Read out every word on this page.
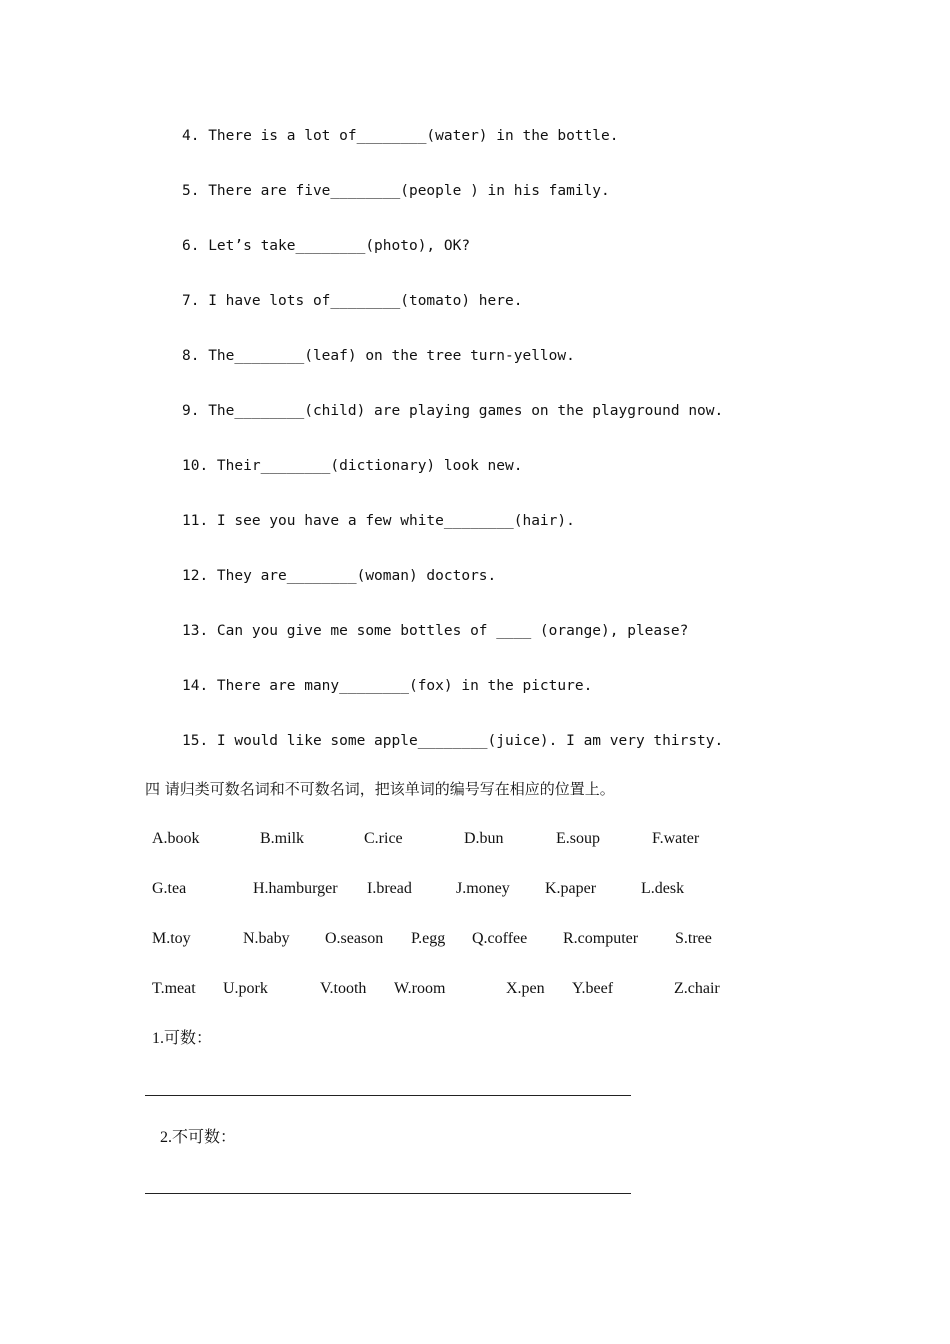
4. There is a lot of________(water) in the bottle.
5. There are five________(people ) in his family.
6. Let’s take________(photo), OK?
7. I have lots of________(tomato) here.
8. The________(leaf) on the tree turn-yellow.
9. The________(child) are playing games on the playground now.
10. Their________(dictionary) look new.
11. I see you have a few white________(hair).
12. They are________(woman) doctors.
13. Can you give me some bottles of ____ (orange), please?
14. There are many________(fox) in the picture.
15. I would like some apple________(juice). I am very thirsty.
四 请归类可数名词和不可数名词，把该单词的编号写在相应的位置上。
A.book	B.milk	C.rice	D.bun	E.soup	F.water
G.tea	H.hamburger I.bread	J.money K.paper	L.desk
M.toy	N.baby O.season P.egg Q.coffee R.computer S.tree
T.meat U.pork	V.tooth W.room	X.pen Y.beef	Z.chair
1.可数：
2.不可数：
